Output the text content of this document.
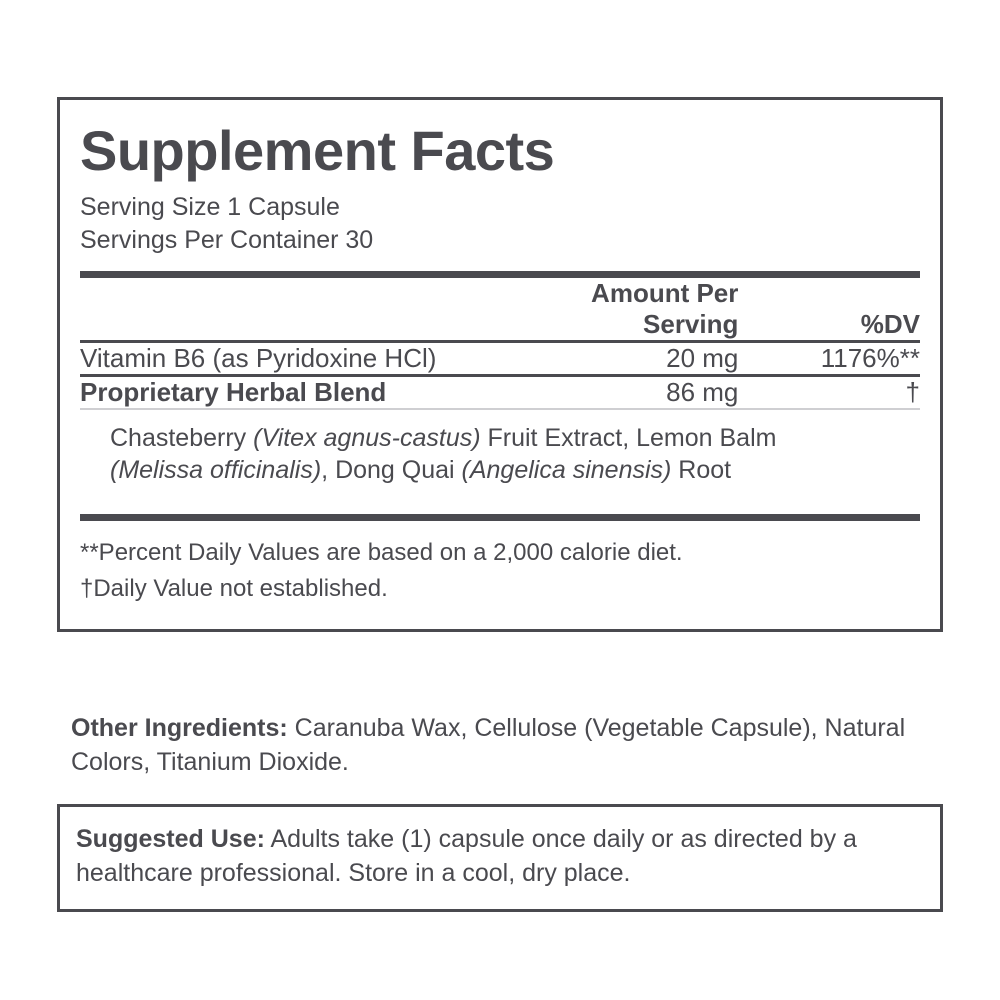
Supplement Facts
Serving Size 1 Capsule
Servings Per Container 30
	Amount Per Serving	%DV
Vitamin B6 (as Pyridoxine HCl)	20 mg	1176%**
Proprietary Herbal Blend	86 mg	†
Chasteberry (Vitex agnus-castus) Fruit Extract, Lemon Balm
(Melissa officinalis), Dong Quai (Angelica sinensis) Root
**Percent Daily Values are based on a 2,000 calorie diet.
†Daily Value not established.
Other Ingredients: Caranuba Wax, Cellulose (Vegetable Capsule), Natural Colors, Titanium Dioxide.
Suggested Use: Adults take (1) capsule once daily or as directed by a healthcare professional. Store in a cool, dry place.
